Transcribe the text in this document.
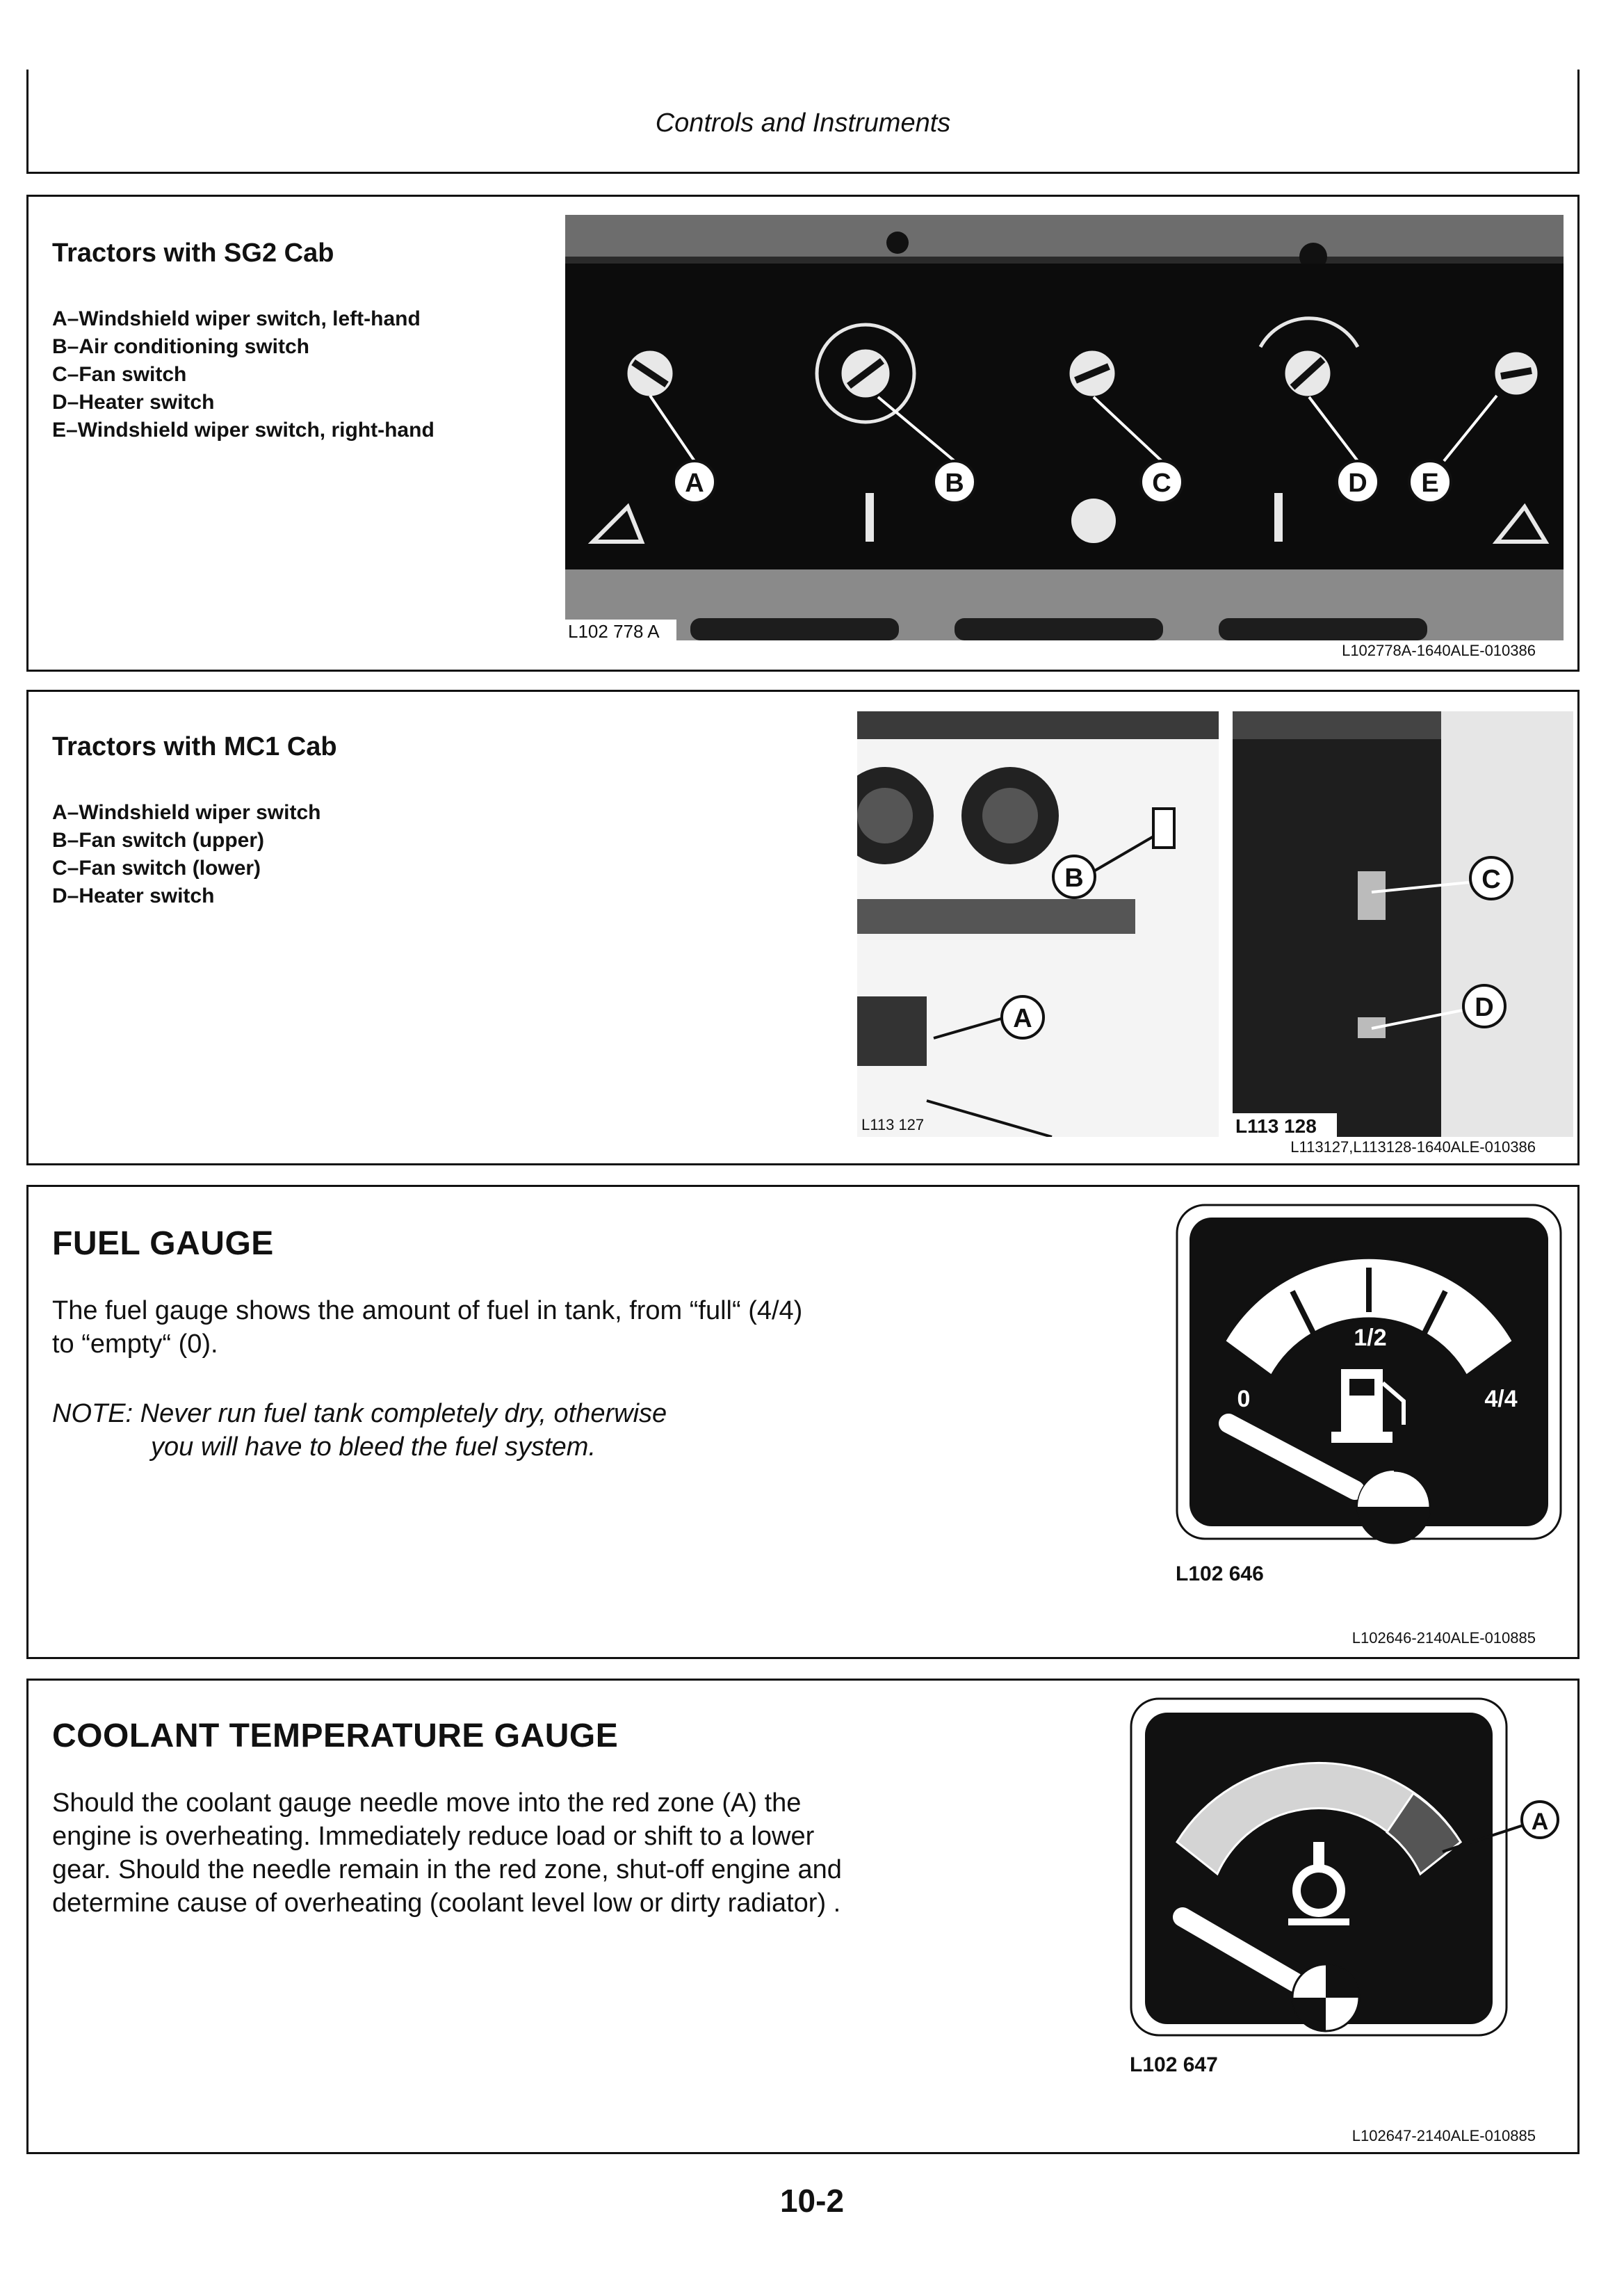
Controls and Instruments
Tractors with SG2 Cab
A–Windshield wiper switch, left-hand
B–Air conditioning switch
C–Fan switch
D–Heater switch
E–Windshield wiper switch, right-hand
A	B	C	D E
L102 778 A
L102778A-1640ALE-010386
Tractors with MC1 Cab
A–Windshield wiper switch
B–Fan switch (upper)
C–Fan switch (lower)
D–Heater switch
B
A
L113 127
C
D
L113 128
L113127,L113128-1640ALE-010386
FUEL GAUGE

The fuel gauge shows the amount of fuel in tank, from “full“ (4/4) to “empty“ (0).

NOTE: Never run fuel tank completely dry, otherwise
you will have to bleed the fuel system.

0
1/2
4/4
L102 646
L102646-2140ALE-010885
COOLANT TEMPERATURE GAUGE

Should the coolant gauge needle move into the red zone (A) the engine is overheating. Immediately reduce load or shift to a lower gear. Should the needle remain in the red zone, shut-off engine and determine cause of overheating (coolant level low or dirty radiator) .

A
L102 647
L102647-2140ALE-010885
10-2
